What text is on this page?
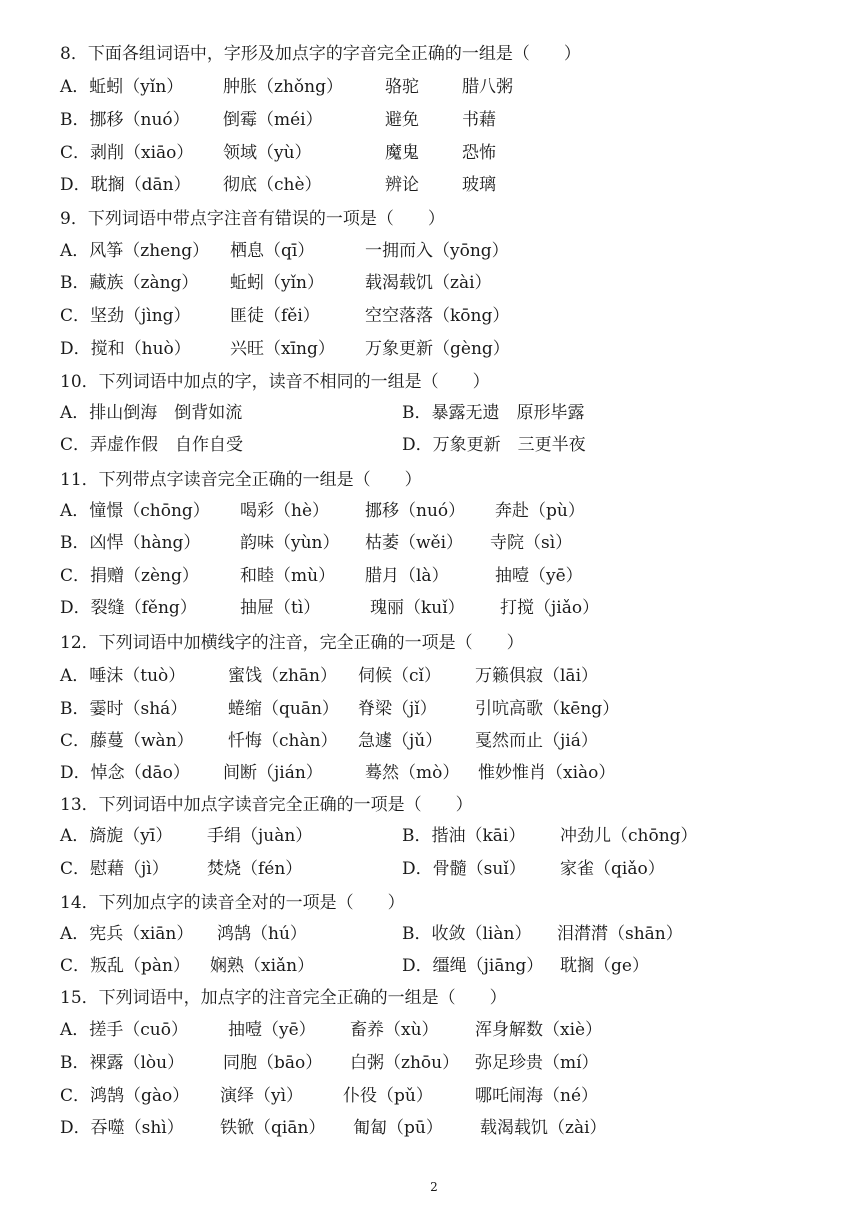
8．下面各组词语中，字形及加点字的字音完全正确的一组是（　　）
A．蚯蚓（yǐn） 肿胀（zhǒng） 骆驼	腊八粥
B．挪移（nuó） 倒霉（méi）	避免	书藉
C．剥削（xiāo） 领域（yù）	魔鬼	恐怖
D．耽搁（dān） 彻底（chè）	辨论	玻璃
9．下列词语中带点字注音有错误的一项是（　　）
A．风筝（zheng） 栖息（qī）	一拥而入（yōng）
B．藏族（zàng） 蚯蚓（yǐn） 载渴载饥（zài）
C．坚劲（jìng） 匪徒（fěi）	空空落落（kōng）
D．搅和（huò） 兴旺（xīng） 万象更新（gèng）
10．下列词语中加点的字，读音不相同的一组是（　　）
A．排山倒海　倒背如流	B．暴露无遗　原形毕露
C．弄虚作假　自作自受	D．万象更新　三更半夜
11．下列带点字读音完全正确的一组是（　　）
A．憧憬（chōng） 喝彩（hè） 挪移（nuó） 奔赴（pù）
B．凶悍（hàng） 韵味（yùn） 枯萎（wěi） 寺院（sì）
C．捐赠（zèng） 和睦（mù） 腊月（là）	抽噎（yē）
D．裂缝（fěng）	抽屉（tì）	瑰丽（kuǐ） 打搅（jiǎo）
12．下列词语中加横线字的注音，完全正确的一项是（　　）
A．唾沫（tuò）	蜜饯（zhān） 伺候（cǐ） 万籁俱寂（lāi）
B．霎时（shá） 蜷缩（quān） 脊梁（jǐ） 引吭高歌（kēng）
C．藤蔓（wàn） 忏悔（chàn） 急遽（jǔ） 戛然而止（jiá）
D．悼念（dāo） 间断（jián） 蓦然（mò） 惟妙惟肖（xiào）
13．下列词语中加点字读音完全正确的一项是（　　）
A．旖旎（yī） 手绢（juàn）	B．揩油（kāi） 冲劲儿（chōng）
C．慰藉（jì） 焚烧（fén）	D．骨髓（suǐ） 家雀（qiǎo）
14．下列加点字的读音全对的一项是（　　）
A．宪兵（xiān） 鸿鹄（hú）	B．收敛（liàn） 泪潸潸（shān）
C．叛乱（pàn） 娴熟（xiǎn）	D．缰绳（jiāng） 耽搁（ge）
15．下列词语中，加点字的注音完全正确的一组是（　　）
A．搓手（cuō） 抽噎（yē） 畜养（xù） 浑身解数（xiè）
B．裸露（lòu） 同胞（bāo） 白粥（zhōu） 弥足珍贵（mí）
C．鸿鹄（gào） 演绎（yì） 仆役（pǔ） 哪吒闹海（né）
D．吞噬（shì） 铁锨（qiān） 匍匐（pū） 载渴载饥（zài）
2
